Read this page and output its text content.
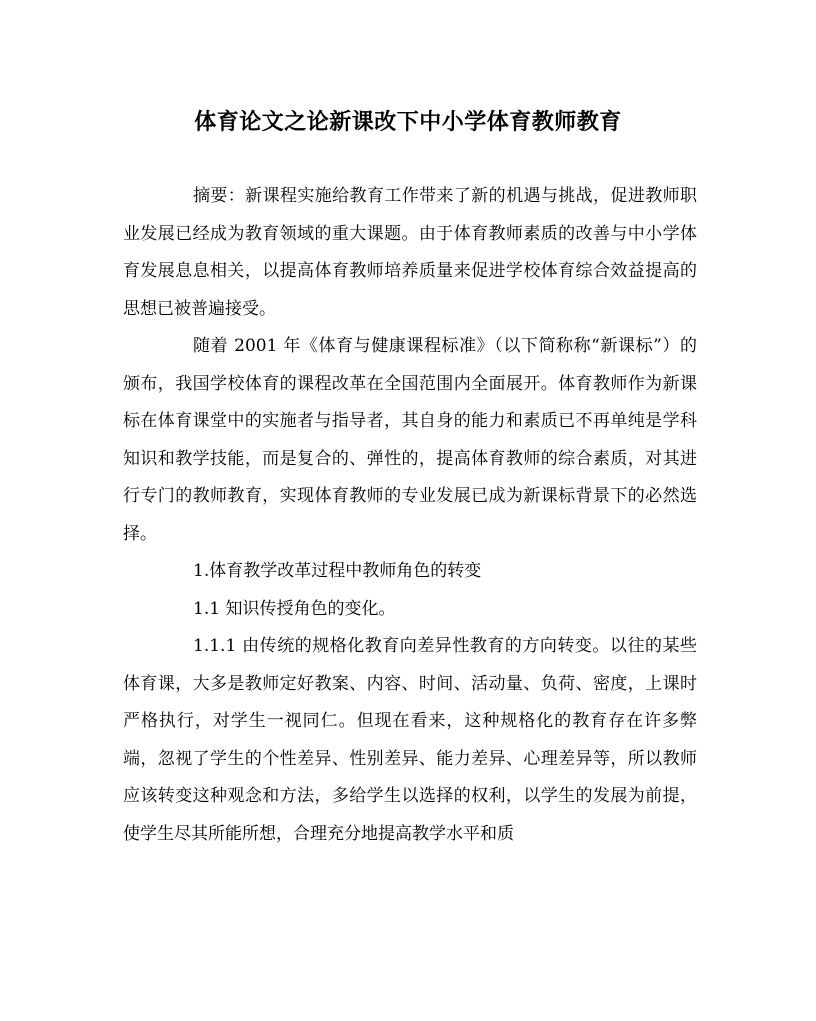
体育论文之论新课改下中小学体育教师教育

摘要：新课程实施给教育工作带来了新的机遇与挑战，促进教师职业发展已经成为教育领域的重大课题。由于体育教师素质的改善与中小学体育发展息息相关，以提高体育教师培养质量来促进学校体育综合效益提高的思想已被普遍接受。

随着 2001 年《体育与健康课程标准》（以下简称称“新课标”）的颁布，我国学校体育的课程改革在全国范围内全面展开。体育教师作为新课标在体育课堂中的实施者与指导者，其自身的能力和素质已不再单纯是学科知识和教学技能，而是复合的、弹性的，提高体育教师的综合素质，对其进行专门的教师教育，实现体育教师的专业发展已成为新课标背景下的必然选择。

1.体育教学改革过程中教师角色的转变

1.1 知识传授角色的变化。

1.1.1 由传统的规格化教育向差异性教育的方向转变。以往的某些体育课，大多是教师定好教案、内容、时间、活动量、负荷、密度，上课时严格执行，对学生一视同仁。但现在看来，这种规格化的教育存在许多弊端，忽视了学生的个性差异、性别差异、能力差异、心理差异等，所以教师应该转变这种观念和方法，多给学生以选择的权利，以学生的发展为前提，使学生尽其所能所想，合理充分地提高教学水平和质
